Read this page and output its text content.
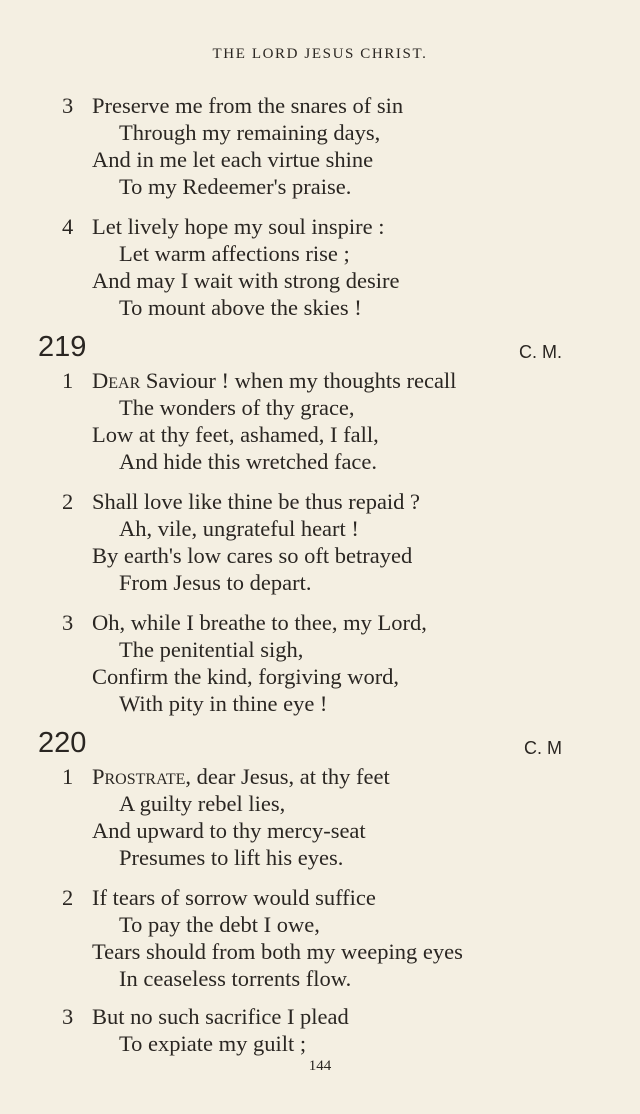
THE LORD JESUS CHRIST.
3 Preserve me from the snares of sin
Through my remaining days,
And in me let each virtue shine
To my Redeemer's praise.
4 Let lively hope my soul inspire :
Let warm affections rise ;
And may I wait with strong desire
To mount above the skies !
219	C. M.
1 Dear Saviour ! when my thoughts recall
The wonders of thy grace,
Low at thy feet, ashamed, I fall,
And hide this wretched face.
2 Shall love like thine be thus repaid ?
Ah, vile, ungrateful heart !
By earth's low cares so oft betrayed
From Jesus to depart.
3 Oh, while I breathe to thee, my Lord,
The penitential sigh,
Confirm the kind, forgiving word,
With pity in thine eye !
220	C. M
1 Prostrate, dear Jesus, at thy feet
A guilty rebel lies,
And upward to thy mercy-seat
Presumes to lift his eyes.
2 If tears of sorrow would suffice
To pay the debt I owe,
Tears should from both my weeping eyes
In ceaseless torrents flow.
3 But no such sacrifice I plead
To expiate my guilt ;
144
